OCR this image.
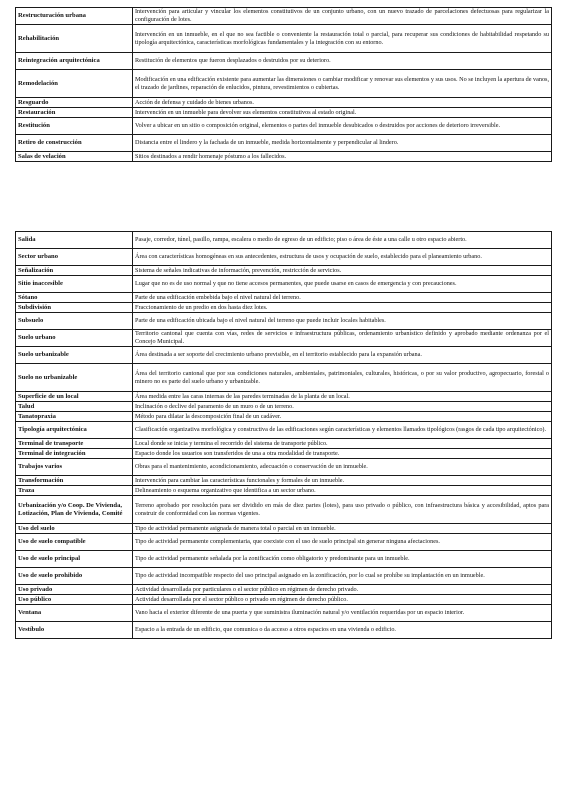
Restructuración urbana	Intervención para articular y vincular los elementos constitutivos de un conjunto urbano, con un nuevo trazado de parcelaciones defectuosas para regularizar la configuración de lotes.
Rehabilitación	Intervención en un inmueble, en el que no sea factible o conveniente la restauración total o parcial, para recuperar sus condiciones de habitabilidad respetando su tipología arquitectónica, características morfológicas fundamentales y la integración con su entorno.
Reintegración arquitectónica	Restitución de elementos que fueron desplazados o destruidos por su deterioro.
Remodelación	Modificación en una edificación existente para aumentar las dimensiones o cambiar modificar y renovar sus elementos y sus usos. No se incluyen la apertura de vanos, el trazado de jardines, reparación de enlucidos, pintura, revestimientos o cubiertas.
Resguardo	Acción de defensa y cuidado de bienes urbanos.
Restauración	Intervención en un inmueble para devolver sus elementos constitutivos al estado original.
Restitución	Volver a ubicar en un sitio o composición original, elementos o partes del inmueble desubicados o destruidos por acciones de deterioro irreversible.
Retiro de construcción	Distancia entre el lindero y la fachada de un inmueble, medida horizontalmente y perpendicular al lindero.
Salas de velación	Sitios destinados a rendir homenaje póstumo a los fallecidos.
Salida	Pasaje, corredor, túnel, pasillo, rampa, escalera o medio de egreso de un edificio; piso o área de éste a una calle u otro espacio abierto.
Sector urbano	Área con características homogéneas en sus antecedentes, estructura de usos y ocupación de suelo, establecido para el planeamiento urbano.
Señalización	Sistema de señales indicativas de información, prevención, restricción de servicios.
Sitio inaccesible	Lugar que no es de uso normal y que no tiene accesos permanentes, que puede usarse en casos de emergencia y con precauciones.
Sótano	Parte de una edificación embebida bajo el nivel natural del terreno.
Subdivisión	Fraccionamiento de un predio en dos hasta diez lotes.
Subsuelo	Parte de una edificación ubicada bajo el nivel natural del terreno que puede incluir locales habitables.
Suelo urbano	Territorio cantonal que cuenta con vías, redes de servicios e infraestructura públicas, ordenamiento urbanístico definido y aprobado mediante ordenanza por el Concejo Municipal.
Suelo urbanizable	Área destinada a ser soporte del crecimiento urbano previsible, en el territorio establecido para la expansión urbana.
Suelo no urbanizable	Área del territorio cantonal que por sus condiciones naturales, ambientales, patrimoniales, culturales, históricas, o por su valor productivo, agropecuario, forestal o minero no es parte del suelo urbano y urbanizable.
Superficie de un local	Área medida entre las caras internas de las paredes terminadas de la planta de un local.
Talud	Inclinación o declive del paramento de un muro o de un terreno.
Tanatopraxia	Método para dilatar la descomposición final de un cadáver.
Tipología arquitectónica	Clasificación organizativa morfológica y constructiva de las edificaciones según características y elementos llamados tipológicos (rasgos de cada tipo arquitectónico).
Terminal de transporte	Local donde se inicia y termina el recorrido del sistema de transporte público.
Terminal de integración	Espacio donde los usuarios son transferidos de una a otra modalidad de transporte.
Trabajos varios	Obras para el mantenimiento, acondicionamiento, adecuación o conservación de un inmueble.
Transformación	Intervención para cambiar las características funcionales y formales de un inmueble.
Traza	Delineamiento o esquema organizativo que identifica a un sector urbano.
Urbanización y/o Coop. De Vivienda, Lotización, Plan de Vivienda, Comité	Terreno aprobado por resolución para ser dividido en más de diez partes (lotes), para uso privado o público, con infraestructura básica y accesibilidad, aptos para construir de conformidad con las normas vigentes.
Uso del suelo	Tipo de actividad permanente asignada de manera total o parcial en un inmueble.
Uso de suelo compatible	Tipo de actividad permanente complementaria, que coexiste con el uso de suelo principal sin generar ninguna afectaciones.
Uso de suelo principal	Tipo de actividad permanente señalada por la zonificación como obligatorio y predominante para un inmueble.
Uso de suelo prohibido	Tipo de actividad incompatible respecto del uso principal asignado en la zonificación, por lo cual se prohíbe su implantación en un inmueble.
Uso privado	Actividad desarrollada por particulares o el sector público en régimen de derecho privado.
Uso público	Actividad desarrollada por el sector público o privado en régimen de derecho público.
Ventana	Vano hacia el exterior diferente de una puerta y que suministra iluminación natural y/o ventilación requeridas por un espacio interior.
Vestíbulo	Espacio a la entrada de un edificio, que comunica o da acceso a otros espacios en una vivienda o edificio.
